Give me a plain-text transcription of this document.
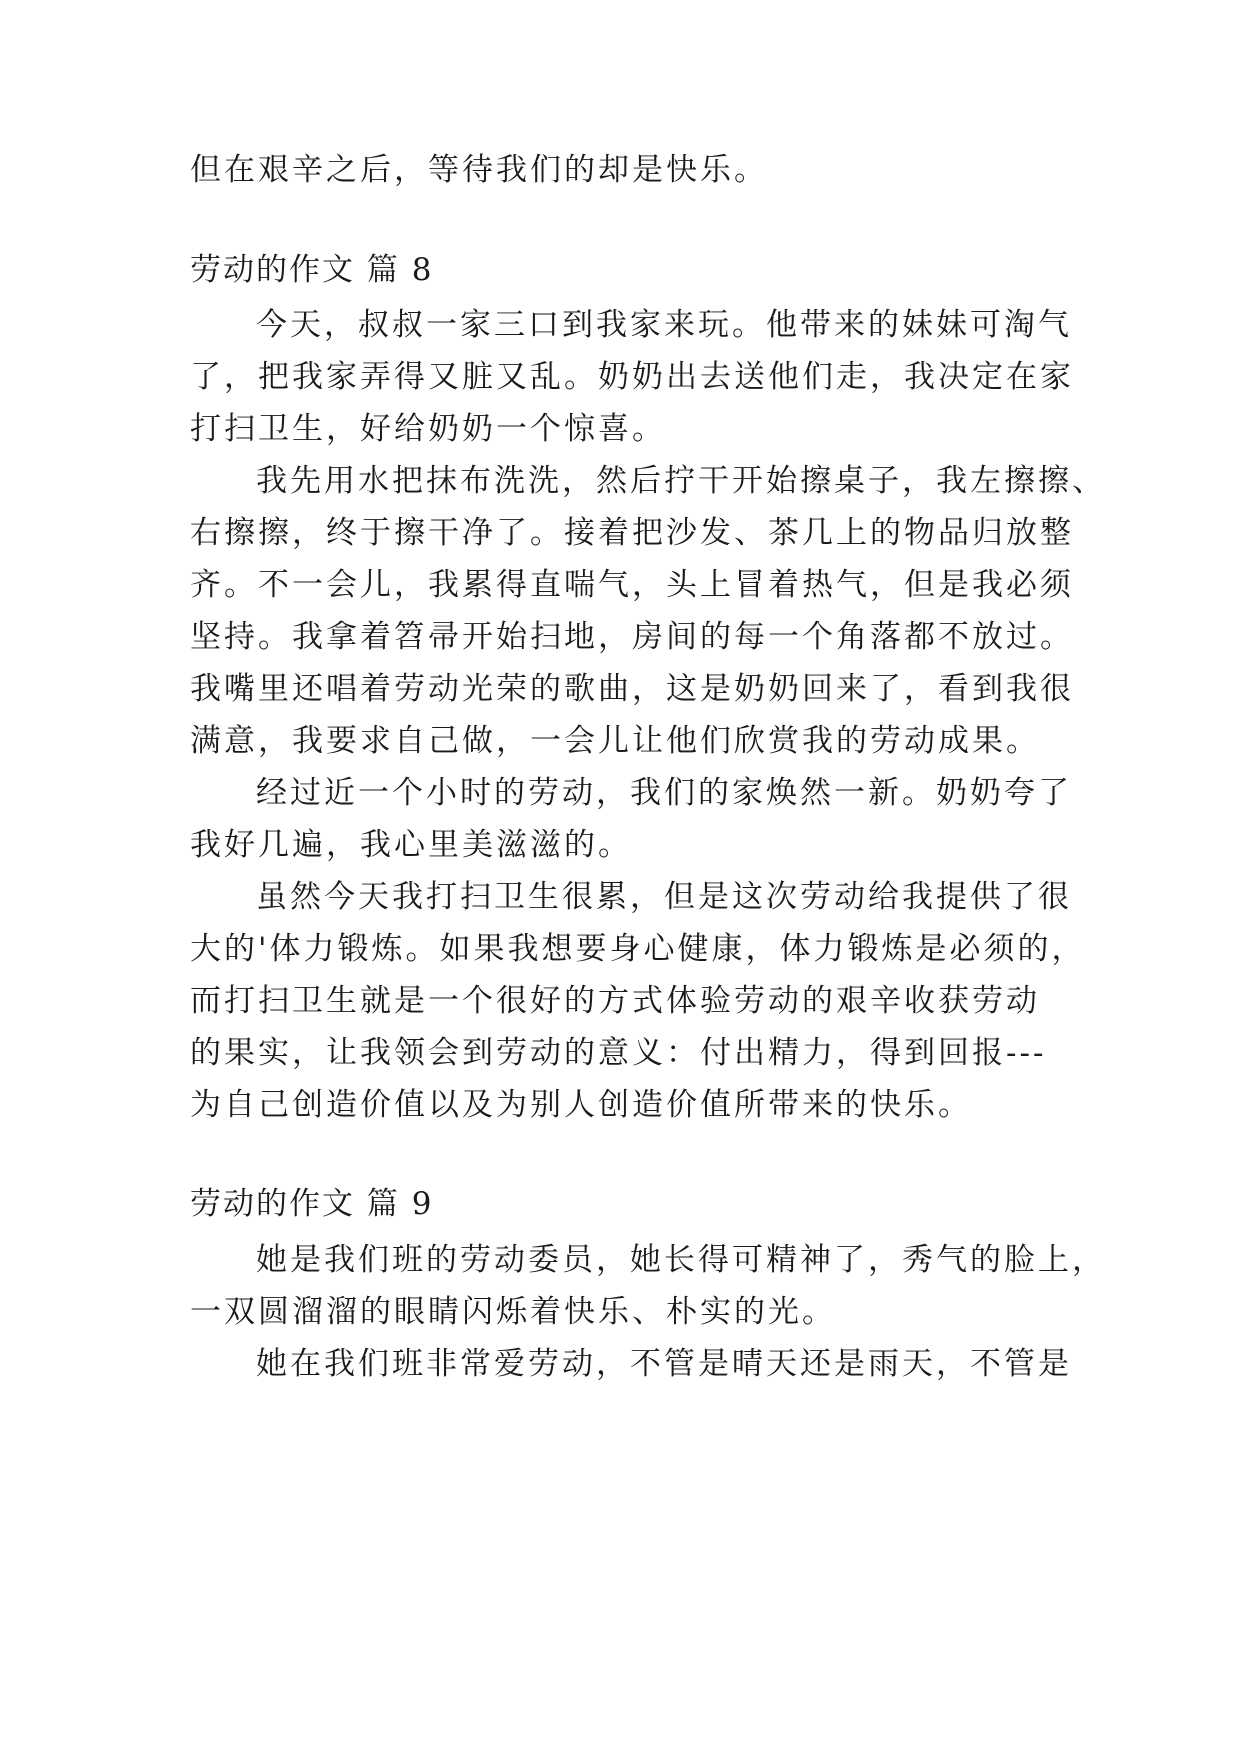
但在艰辛之后，等待我们的却是快乐。
劳动的作文 篇 8
今天，叔叔一家三口到我家来玩。他带来的妹妹可淘气
了，把我家弄得又脏又乱。奶奶出去送他们走，我决定在家
打扫卫生，好给奶奶一个惊喜。
我先用水把抹布洗洗，然后拧干开始擦桌子，我左擦擦、
右擦擦，终于擦干净了。接着把沙发、茶几上的物品归放整
齐。不一会儿，我累得直喘气，头上冒着热气，但是我必须
坚持。我拿着笤帚开始扫地，房间的每一个角落都不放过。
我嘴里还唱着劳动光荣的歌曲，这是奶奶回来了，看到我很
满意，我要求自己做，一会儿让他们欣赏我的劳动成果。
经过近一个小时的劳动，我们的家焕然一新。奶奶夸了
我好几遍，我心里美滋滋的。
虽然今天我打扫卫生很累，但是这次劳动给我提供了很
大的'体力锻炼。如果我想要身心健康，体力锻炼是必须的，
而打扫卫生就是一个很好的方式体验劳动的艰辛收获劳动
的果实，让我领会到劳动的意义：付出精力，得到回报---
为自己创造价值以及为别人创造价值所带来的快乐。
劳动的作文 篇 9
她是我们班的劳动委员，她长得可精神了，秀气的脸上，
一双圆溜溜的眼睛闪烁着快乐、朴实的光。
她在我们班非常爱劳动，不管是晴天还是雨天，不管是
